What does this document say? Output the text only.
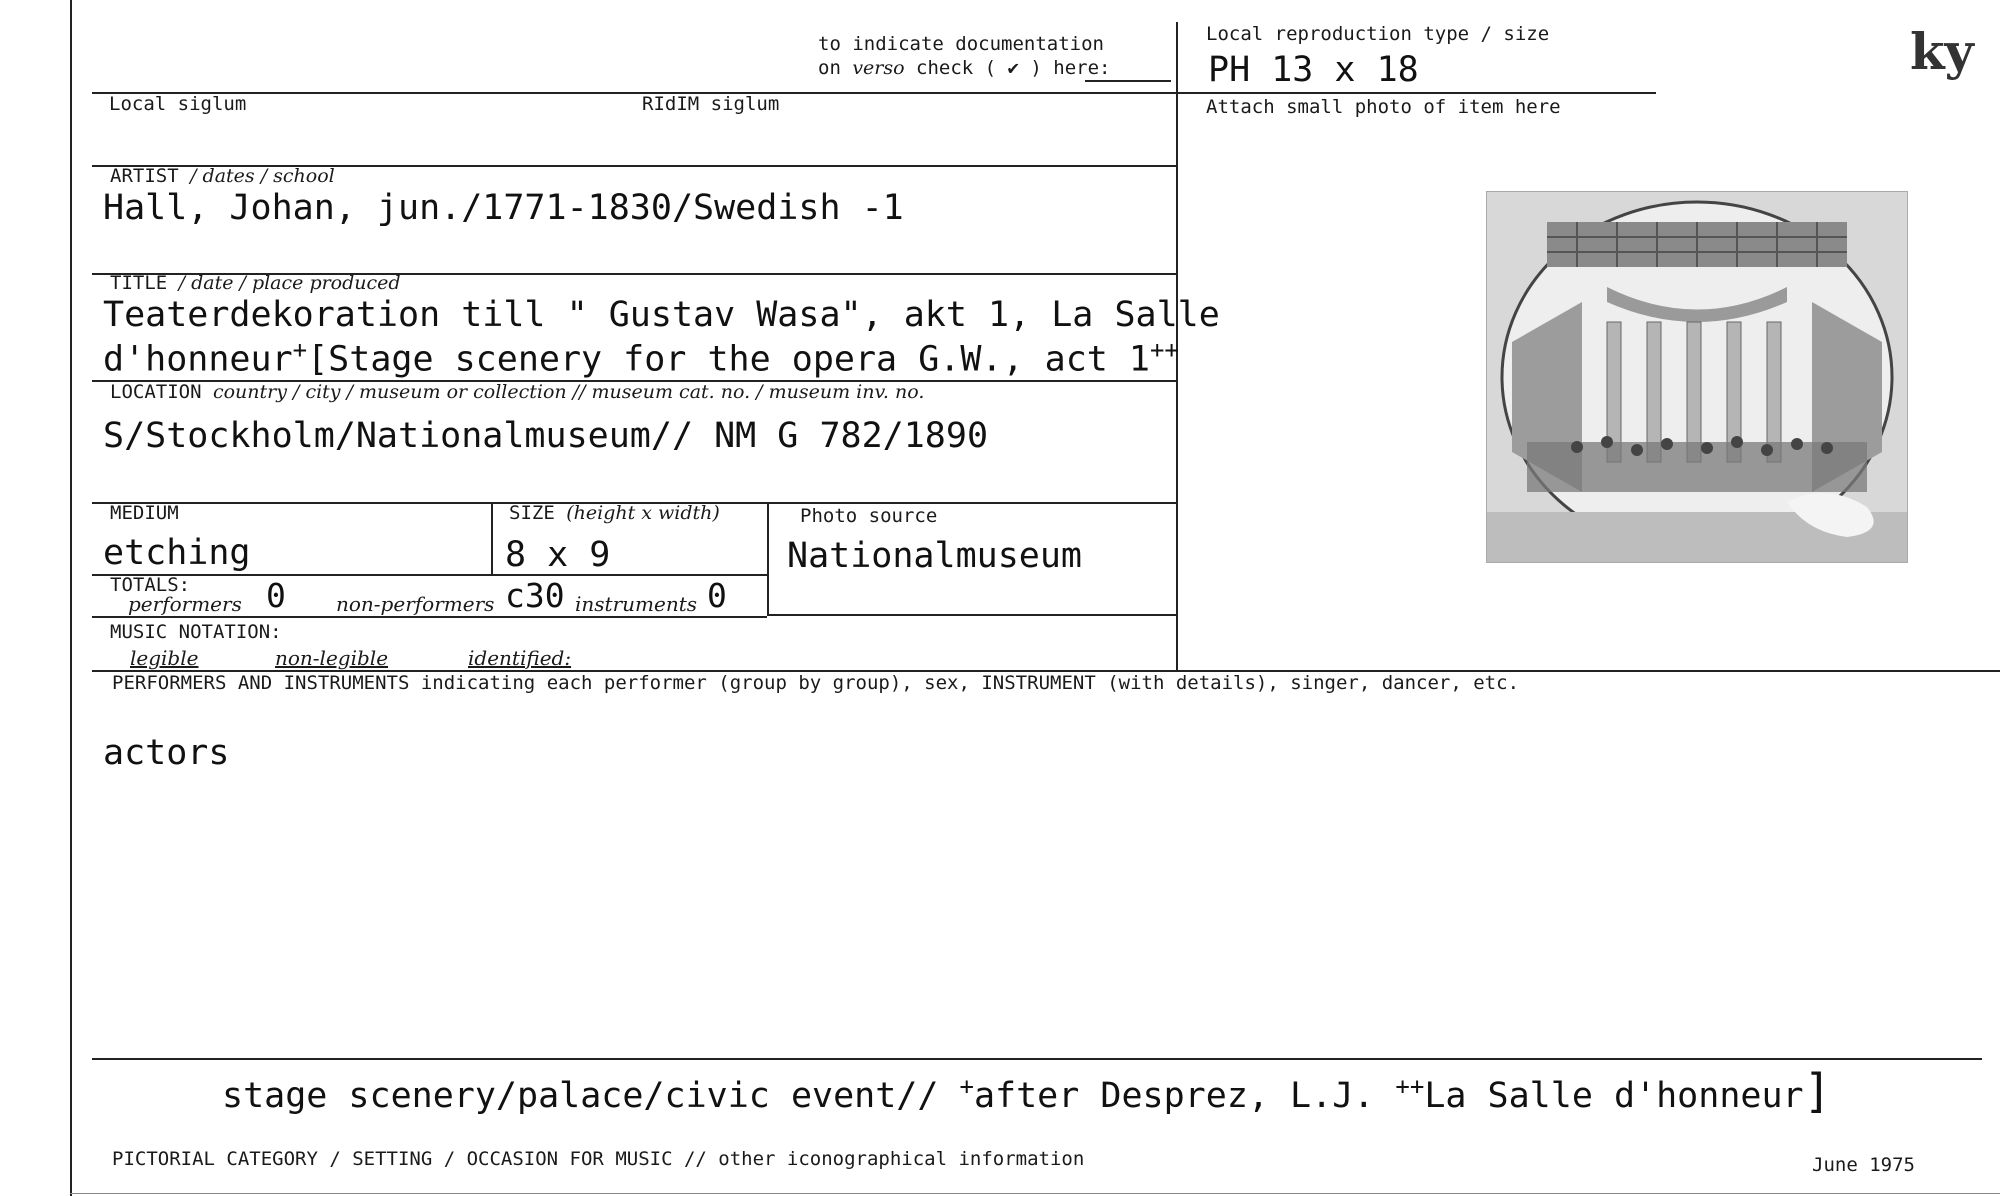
to indicate documentation
on verso check ( ✔ ) here:
Local reproduction type / size
PH 13 x 18	ky
Local siglum	RIdIM siglum	Attach small photo of item here
ARTIST / dates / school
Hall, Johan, jun./1771-1830/Swedish -1
TITLE / date / place produced
Teaterdekoration till " Gustav Wasa", akt 1, La Salle
d'honneur+[Stage scenery for the opera G.W., act 1++
LOCATION country / city / museum or collection // museum cat. no. / museum inv. no.
S/Stockholm/Nationalmuseum// NM G 782/1890
MEDIUM
etching
SIZE (height x width)
8 x 9
Photo source
Nationalmuseum
TOTALS:
performers 0	non-performers c30 instruments 0
MUSIC NOTATION:
legible	non-legible	identified:
PERFORMERS AND INSTRUMENTS indicating each performer (group by group), sex, INSTRUMENT (with details), singer, dancer, etc.
actors
stage scenery/palace/civic event// +after Desprez, L.J. ++La Salle d'honneur]
PICTORIAL CATEGORY / SETTING / OCCASION FOR MUSIC // other iconographical information	June 1975
